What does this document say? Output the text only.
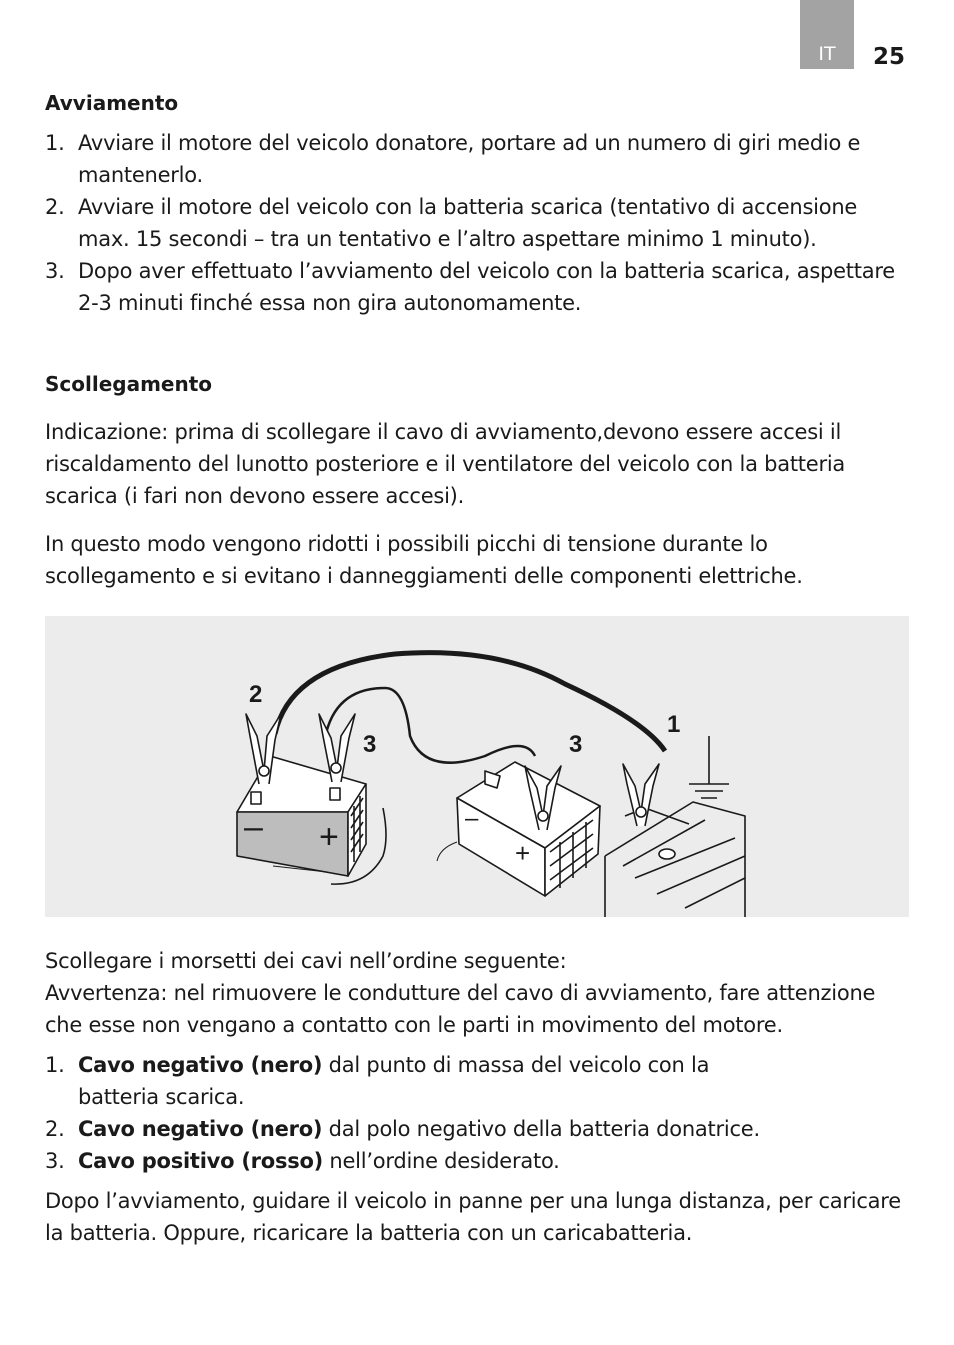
IT	25
Avviamento
1. Avviare il motore del veicolo donatore, portare ad un numero di giri medio e mantenerlo.
2. Avviare il motore del veicolo con la batteria scarica (tentativo di accensione max. 15 secondi – tra un tentativo e l’altro aspettare minimo 1 minuto).
3. Dopo aver effettuato l’avviamento del veicolo con la batteria scarica, aspettare 2-3 minuti finché essa non gira autonomamente.
Scollegamento
Indicazione: prima di scollegare il cavo di avviamento,devono essere accesi il riscaldamento del lunotto posteriore e il ventilatore del veicolo con la batteria scarica (i fari non devono essere accesi).
In questo modo vengono ridotti i possibili picchi di tensione durante lo scollegamento e si evitano i danneggiamenti delle componenti elettriche.
2
3	3
1
– +	–
+
Scollegare i morsetti dei cavi nell’ordine seguente:
Avvertenza: nel rimuovere le condutture del cavo di avviamento, fare attenzione che esse non vengano a contatto con le parti in movimento del motore.
1. Cavo negativo (nero) dal punto di massa del veicolo con la batteria scarica.
2. Cavo negativo (nero) dal polo negativo della batteria donatrice.
3. Cavo positivo (rosso) nell’ordine desiderato.
Dopo l’avviamento, guidare il veicolo in panne per una lunga distanza, per caricare la batteria. Oppure, ricaricare la batteria con un caricabatteria.
